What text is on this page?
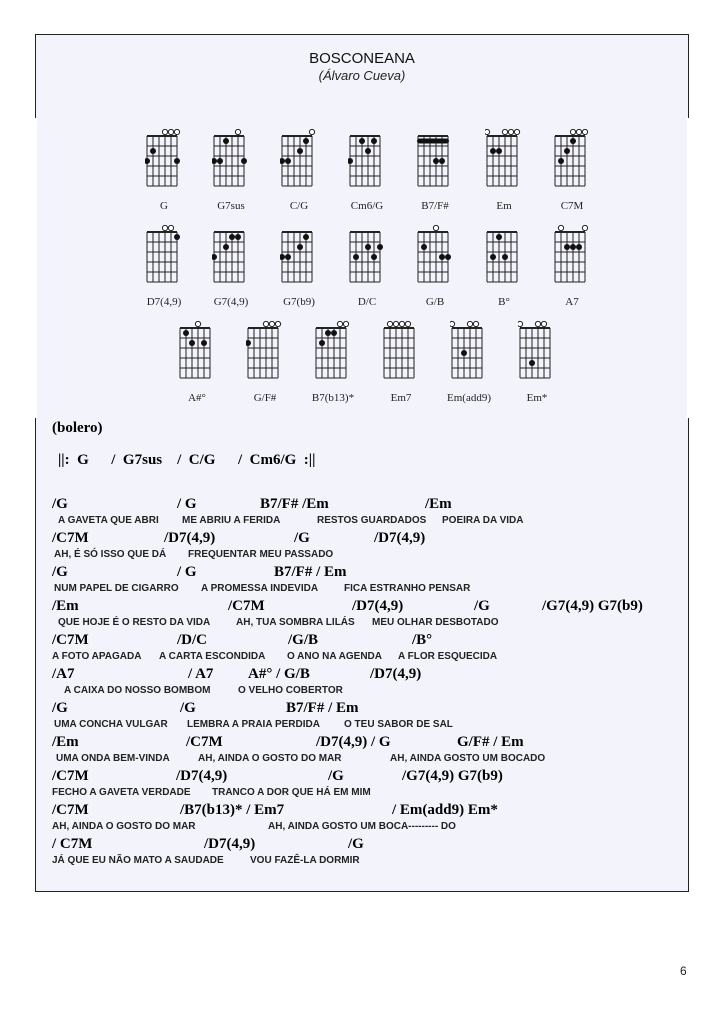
BOSCONEANA
(Álvaro Cueva)
G	G7sus	C/G	Cm6/G	B7/F#	Em	C7M
D7(4,9)	G7(4,9)	G7(b9)	D/C	G/B	B°	A7
A#°	G/F#	B7(b13)*	Em7	Em(add9)	Em*
(bolero)
||:  G      /  G7sus    /  C/G      /  Cm6/G  :||
/G	/ G	B7/F# /Em	/Em
A GAVETA QUE ABRI ME ABRIU A FERIDA	RESTOS GUARDADOS POEIRA DA VIDA
/C7M	/D7(4,9)	/G	/D7(4,9)
AH, É SÓ ISSO QUE DÁ FREQUENTAR MEU PASSADO
/G	/ G	B7/F# / Em
NUM PAPEL DE CIGARRO A PROMESSA INDEVIDA	FICA ESTRANHO PENSAR
/Em	/C7M	/D7(4,9)	/G	/G7(4,9) G7(b9)
QUE HOJE É O RESTO DA VIDA	AH, TUA SOMBRA LILÁS MEU OLHAR DESBOTADO
/C7M	/D/C	/G/B	/B°
A FOTO APAGADA A CARTA ESCONDIDA O ANO NA AGENDA A FLOR ESQUECIDA
/A7	/ A7 A#° / G/B	/D7(4,9)
A CAIXA DO NOSSO BOMBOM	O VELHO COBERTOR
/G	/G	B7/F# / Em
UMA CONCHA VULGAR LEMBRA A PRAIA PERDIDA O TEU SABOR DE SAL
/Em	/C7M	/D7(4,9) / G	G/F# / Em
UMA ONDA BEM-VINDA	AH, AINDA O GOSTO DO MAR	AH, AINDA GOSTO UM BOCADO
/C7M	/D7(4,9)	/G	/G7(4,9) G7(b9)
FECHO A GAVETA VERDADE TRANCO A DOR QUE HÁ EM MIM
/C7M	/B7(b13)* / Em7	/ Em(add9) Em*
AH, AINDA O GOSTO DO MAR	AH, AINDA GOSTO UM BOCA--------- DO
/ C7M	/D7(4,9)	/G
JÁ QUE EU NÃO MATO A SAUDADE	VOU FAZÊ-LA DORMIR
6
